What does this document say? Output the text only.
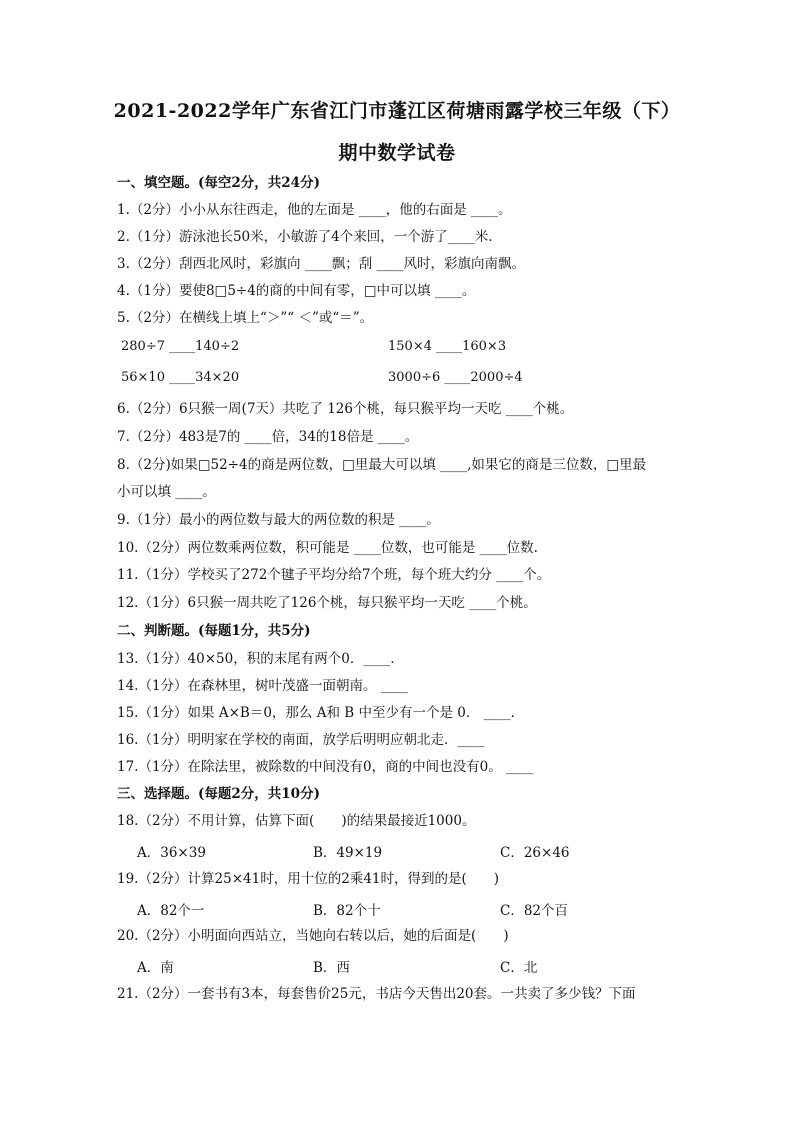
2021-2022学年广东省江门市蓬江区荷塘雨露学校三年级（下）
期中数学试卷
一、填空题。(每空2分，共24分)
1.（2分）小小从东往西走，他的左面是 ____，他的右面是 ____。
2.（1分）游泳池长50米，小敏游了4个来回，一个游了____米.
3.（2分）刮西北风时，彩旗向 ____飘；刮 ____风时，彩旗向南飘。
4.（1分）要使8□5÷4的商的中间有零，□中可以填 ____。
5.（2分）在横线上填上“＞”“ ＜”或“＝”。
280÷7 ____140÷2	150×4 ____160×3
56×10 ____34×20	3000÷6 ____2000÷4
6.（2分）6只猴一周(7天）共吃了 126个桃，每只猴平均一天吃 ____个桃。
7.（2分）483是7的 ____倍，34的18倍是 ____。
8.（2分)如果□52÷4的商是两位数，□里最大可以填 ____,如果它的商是三位数，□里最
小可以填 ____。
9.（1分）最小的两位数与最大的两位数的积是 ____。
10.（2分）两位数乘两位数，积可能是 ____位数，也可能是 ____位数.
11.（1分）学校买了272个毽子平均分给7个班，每个班大约分 ____个。
12.（1分）6只猴一周共吃了126个桃，每只猴平均一天吃 ____个桃。
二、判断题。(每题1分，共5分)
13.（1分）40×50，积的末尾有两个0．____．
14.（1分）在森林里，树叶茂盛一面朝南。 ____
15.（1分）如果 A×B＝0，那么 A和 B 中至少有一个是 0． ____．
16.（1分）明明家在学校的南面，放学后明明应朝北走．____
17.（1分）在除法里，被除数的中间没有0，商的中间也没有0。 ____
三、选择题。(每题2分，共10分)
18.（2分）不用计算，估算下面(　　)的结果最接近1000。
A．36×39	B．49×19	C．26×46
19.（2分）计算25×41时，用十位的2乘41时，得到的是(　　)
A．82个一	B．82个十	C．82个百
20.（2分）小明面向西站立，当她向右转以后，她的后面是(　　)
A．南	B．西	C．北
21.（2分）一套书有3本，每套售价25元，书店今天售出20套。一共卖了多少钱？下面
